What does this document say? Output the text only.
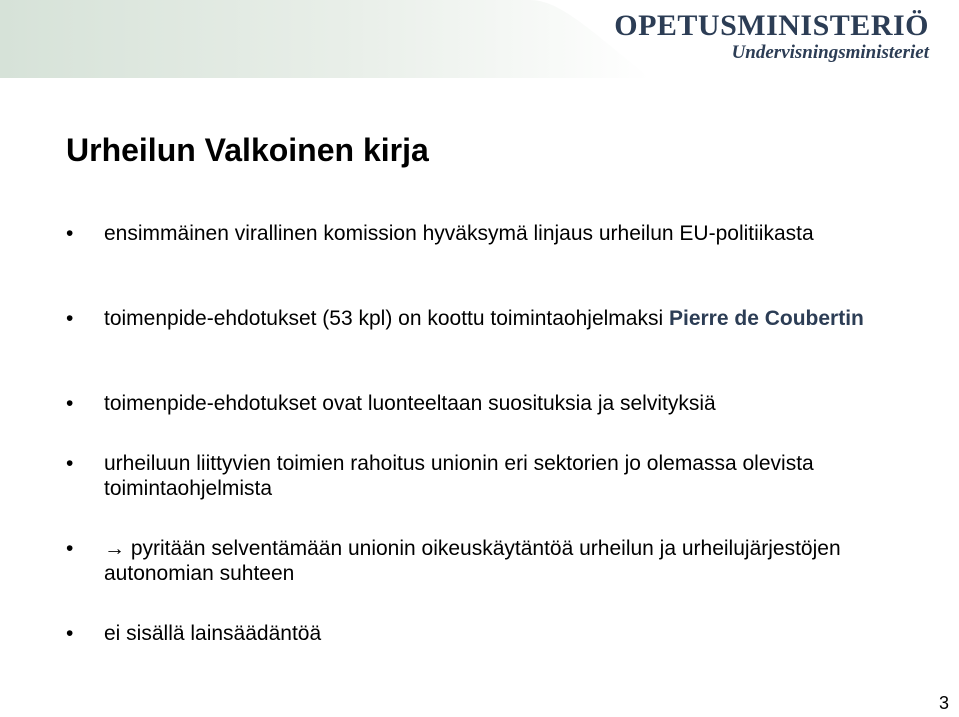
OPETUSMINISTERIÖ
Undervisningsministeriet
Urheilun Valkoinen kirja
•	ensimmäinen virallinen komission hyväksymä linjaus urheilun EU-politiikasta
•	toimenpide-ehdotukset (53 kpl) on koottu toimintaohjelmaksi Pierre de Coubertin
•	toimenpide-ehdotukset ovat luonteeltaan suosituksia ja selvityksiä
•	urheiluun liittyvien toimien rahoitus unionin eri sektorien jo olemassa olevista toimintaohjelmista
•	→ pyritään selventämään unionin oikeuskäytäntöä urheilun ja urheilujärjestöjen autonomian suhteen
•	ei sisällä lainsäädäntöä
3
